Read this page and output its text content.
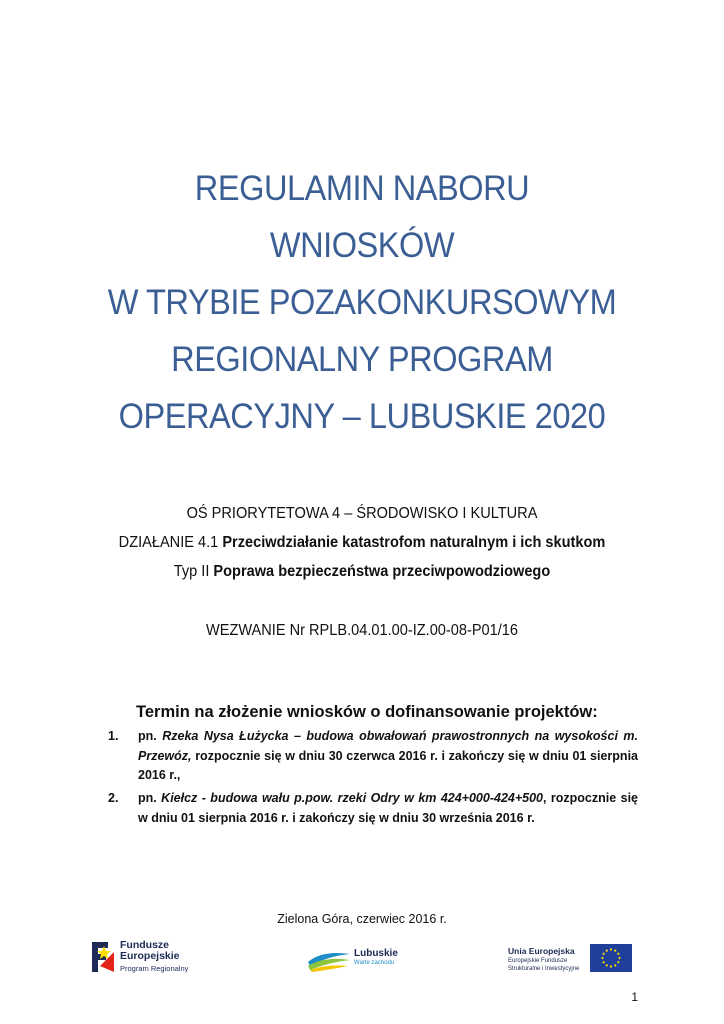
REGULAMIN NABORU
WNIOSKÓW
W TRYBIE POZAKONKURSOWYM
REGIONALNY PROGRAM
OPERACYJNY – LUBUSKIE 2020
OŚ PRIORYTETOWA 4 – ŚRODOWISKO I KULTURA
DZIAŁANIE 4.1 Przeciwdziałanie katastrofom naturalnym i ich skutkom
Typ II Poprawa bezpieczeństwa przeciwpowodziowego
WEZWANIE Nr RPLB.04.01.00-IZ.00-08-P01/16
Termin na złożenie wniosków o dofinansowanie projektów:
1. pn. Rzeka Nysa Łużycka – budowa obwałowań prawostronnych na wysokości m. Przewóz, rozpocznie się w dniu 30 czerwca 2016 r. i zakończy się w dniu 01 sierpnia 2016 r.,
2. pn. Kiełcz - budowa wału p.pow. rzeki Odry w km 424+000-424+500, rozpocznie się w dniu 01 sierpnia 2016 r. i zakończy się w dniu 30 września 2016 r.
Zielona Góra, czerwiec 2016 r.
Fundusze
Europejskie
Program Regionalny
Lubuskie
Warte zachodu
Unia Europejska
Europejskie Fundusze
Strukturalne i Inwestycyjne
1
